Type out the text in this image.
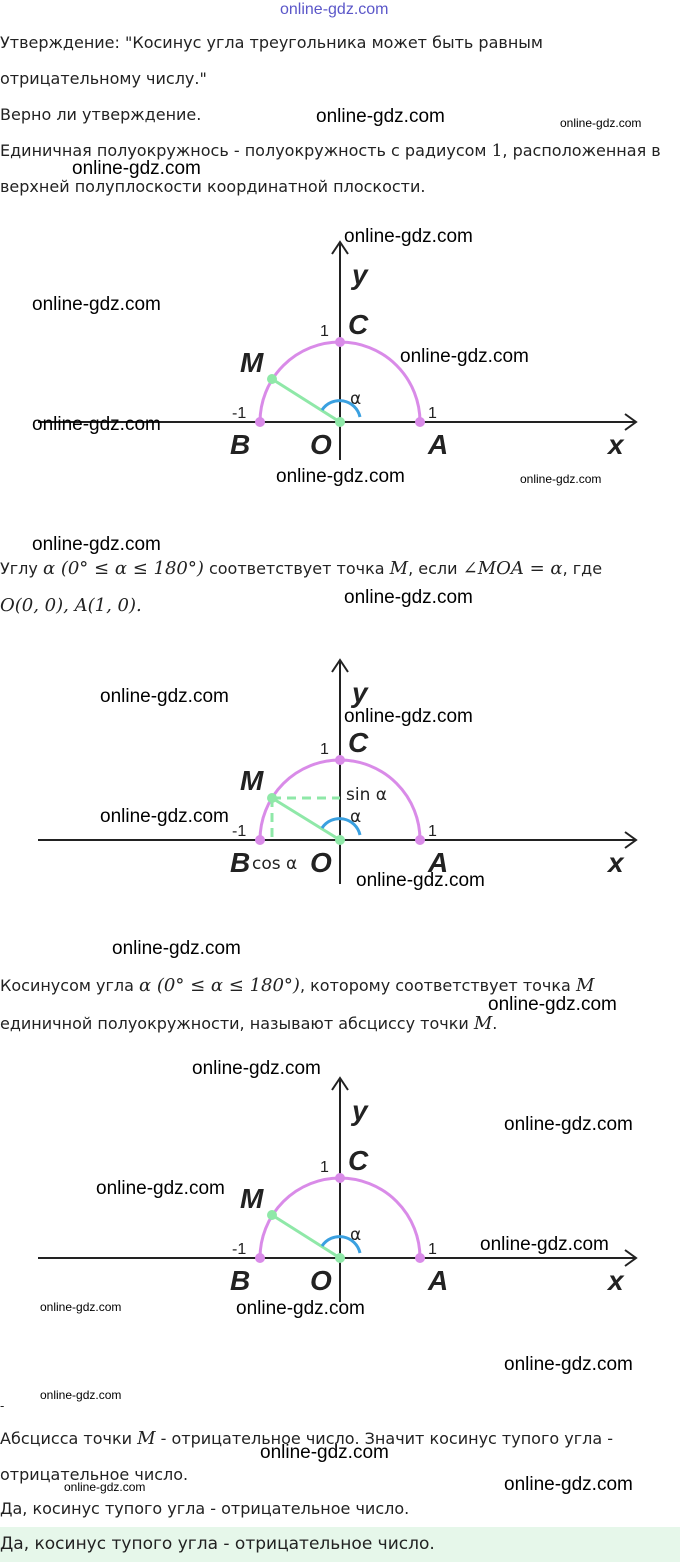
online-gdz.com
Утверждение: "Косинус угла треугольника может быть равным
отрицательному числу."
Верно ли утверждение.
Единичная полуокружнось - полуокружность с радиусом 1, расположенная в
верхней полуплоскости координатной плоскости.
y
x
C
M
B O	A
1
-1	1
α
Углу α (0° ≤ α ≤ 180°) соответствует точка M, если ∠MOA = α, где
O(0, 0), A(1, 0).
y
x
C
M
B O	A
1
-1	1
α
sin α
cos α
Косинусом угла α (0° ≤ α ≤ 180°), которому соответствует точка M
единичной полуокружности, называют абсциссу точки M.
y
x
C
M
B O	A
1
-1	1
α
-
Абсцисса точки M - отрицательное число. Значит косинус тупого угла -
отрицательное число.
Да, косинус тупого угла - отрицательное число.
Да, косинус тупого угла - отрицательное число.
online-gdz.com	online-gdz.com
online-gdz.com
online-gdz.com
online-gdz.com
online-gdz.com
online-gdz.com
online-gdz.com	online-gdz.com
online-gdz.com
online-gdz.com
online-gdz.com
online-gdz.com
online-gdz.com
online-gdz.com
online-gdz.com
online-gdz.com
online-gdz.com
online-gdz.com
online-gdz.com
online-gdz.com
online-gdz.com	online-gdz.com
online-gdz.com
online-gdz.com
online-gdz.com
online-gdz.com	online-gdz.com
